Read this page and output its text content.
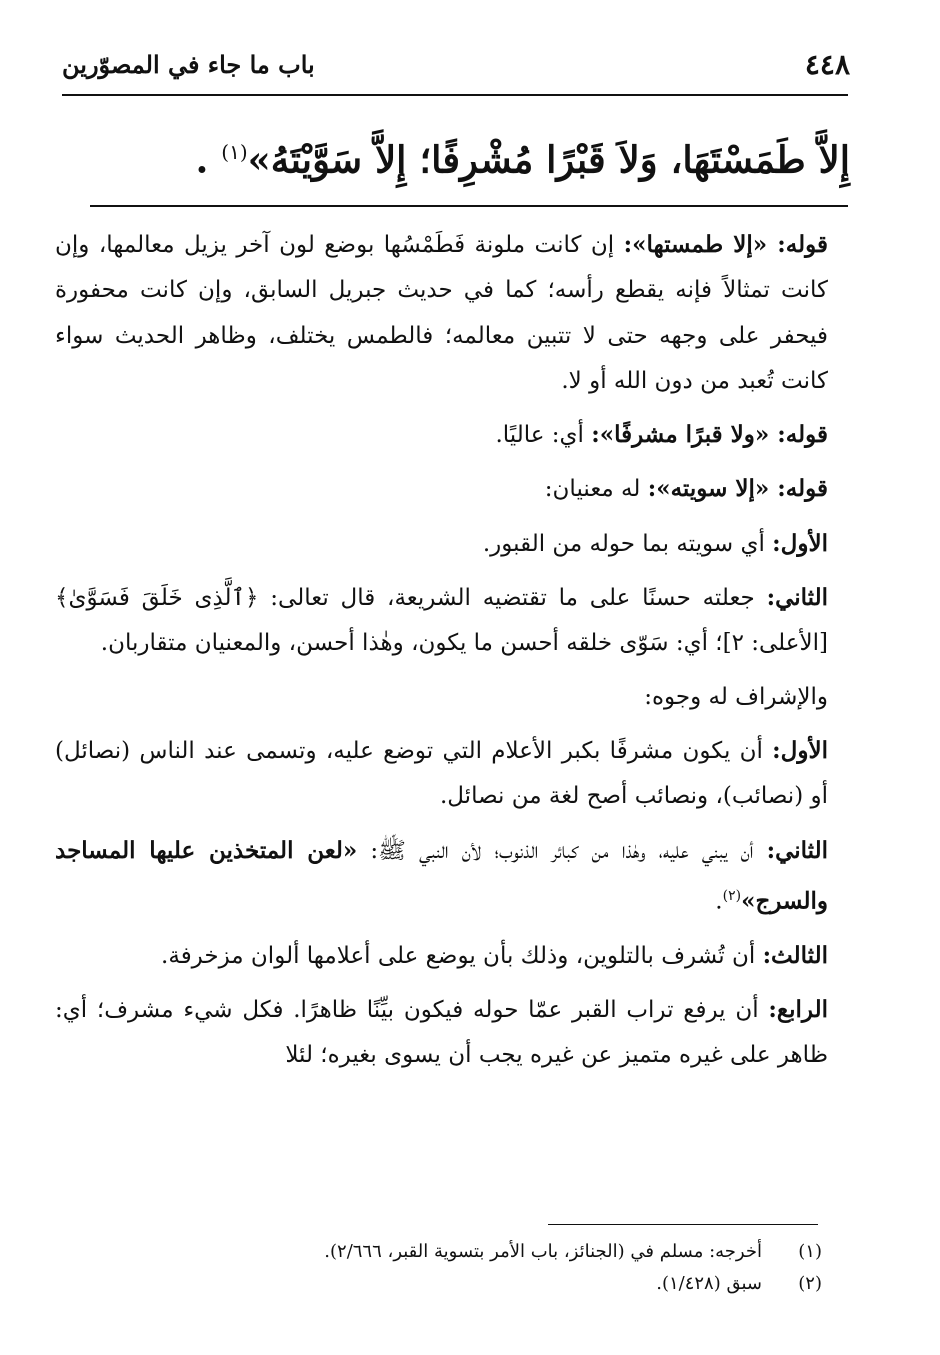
٤٤٨
باب ما جاء في المصوّرين
إِلاَّ طَمَسْتَهَا، وَلاَ قَبْرًا مُشْرِفًا؛ إِلاَّ سَوَّيْتَهُ»$^{(١)}$ .

قوله: «إلا طمستها»: إن كانت ملونة فَطَمْسُها بوضع لون آخر يزيل معالمها، وإن كانت تمثالاً فإنه يقطع رأسه؛ كما في حديث جبريل السابق، وإن كانت محفورة فيحفر على وجهه حتى لا تتبين معالمه؛ فالطمس يختلف، وظاهر الحديث سواء كانت تُعبد من دون الله أو لا.

قوله: «ولا قبرًا مشرفًا»: أي: عاليًا.

قوله: «إلا سويته»: له معنيان:

الأول: أي سويته بما حوله من القبور.

الثاني: جعلته حسنًا على ما تقتضيه الشريعة، قال تعالى: ﴿ٱلَّذِى خَلَقَ فَسَوَّىٰ﴾ [الأعلى: ٢]؛ أي: سَوّى خلقه أحسن ما يكون، وهٰذا أحسن، والمعنيان متقاربان.

والإشراف له وجوه:

الأول: أن يكون مشرفًا بكبر الأعلام التي توضع عليه، وتسمى عند الناس (نصائل) أو (نصائب)، ونصائب أصح لغة من نصائل.

الثاني: أن يبني عليه، وهٰذا من كبائر الذنوب؛ لأن النبي ﷺ: «لعن المتخذين عليها المساجد والسرج»$^{(٢)}$.

الثالث: أن تُشرف بالتلوين، وذلك بأن يوضع على أعلامها ألوان مزخرفة.

الرابع: أن يرفع تراب القبر عمّا حوله فيكون بيِّنًا ظاهرًا. فكل شيء مشرف؛ أي: ظاهر على غيره متميز عن غيره يجب أن يسوى بغيره؛ لئلا

(١)
أخرجه: مسلم في (الجنائز، باب الأمر بتسوية القبر، ٢/٦٦٦).
(٢)
سبق (١/٤٢٨).
